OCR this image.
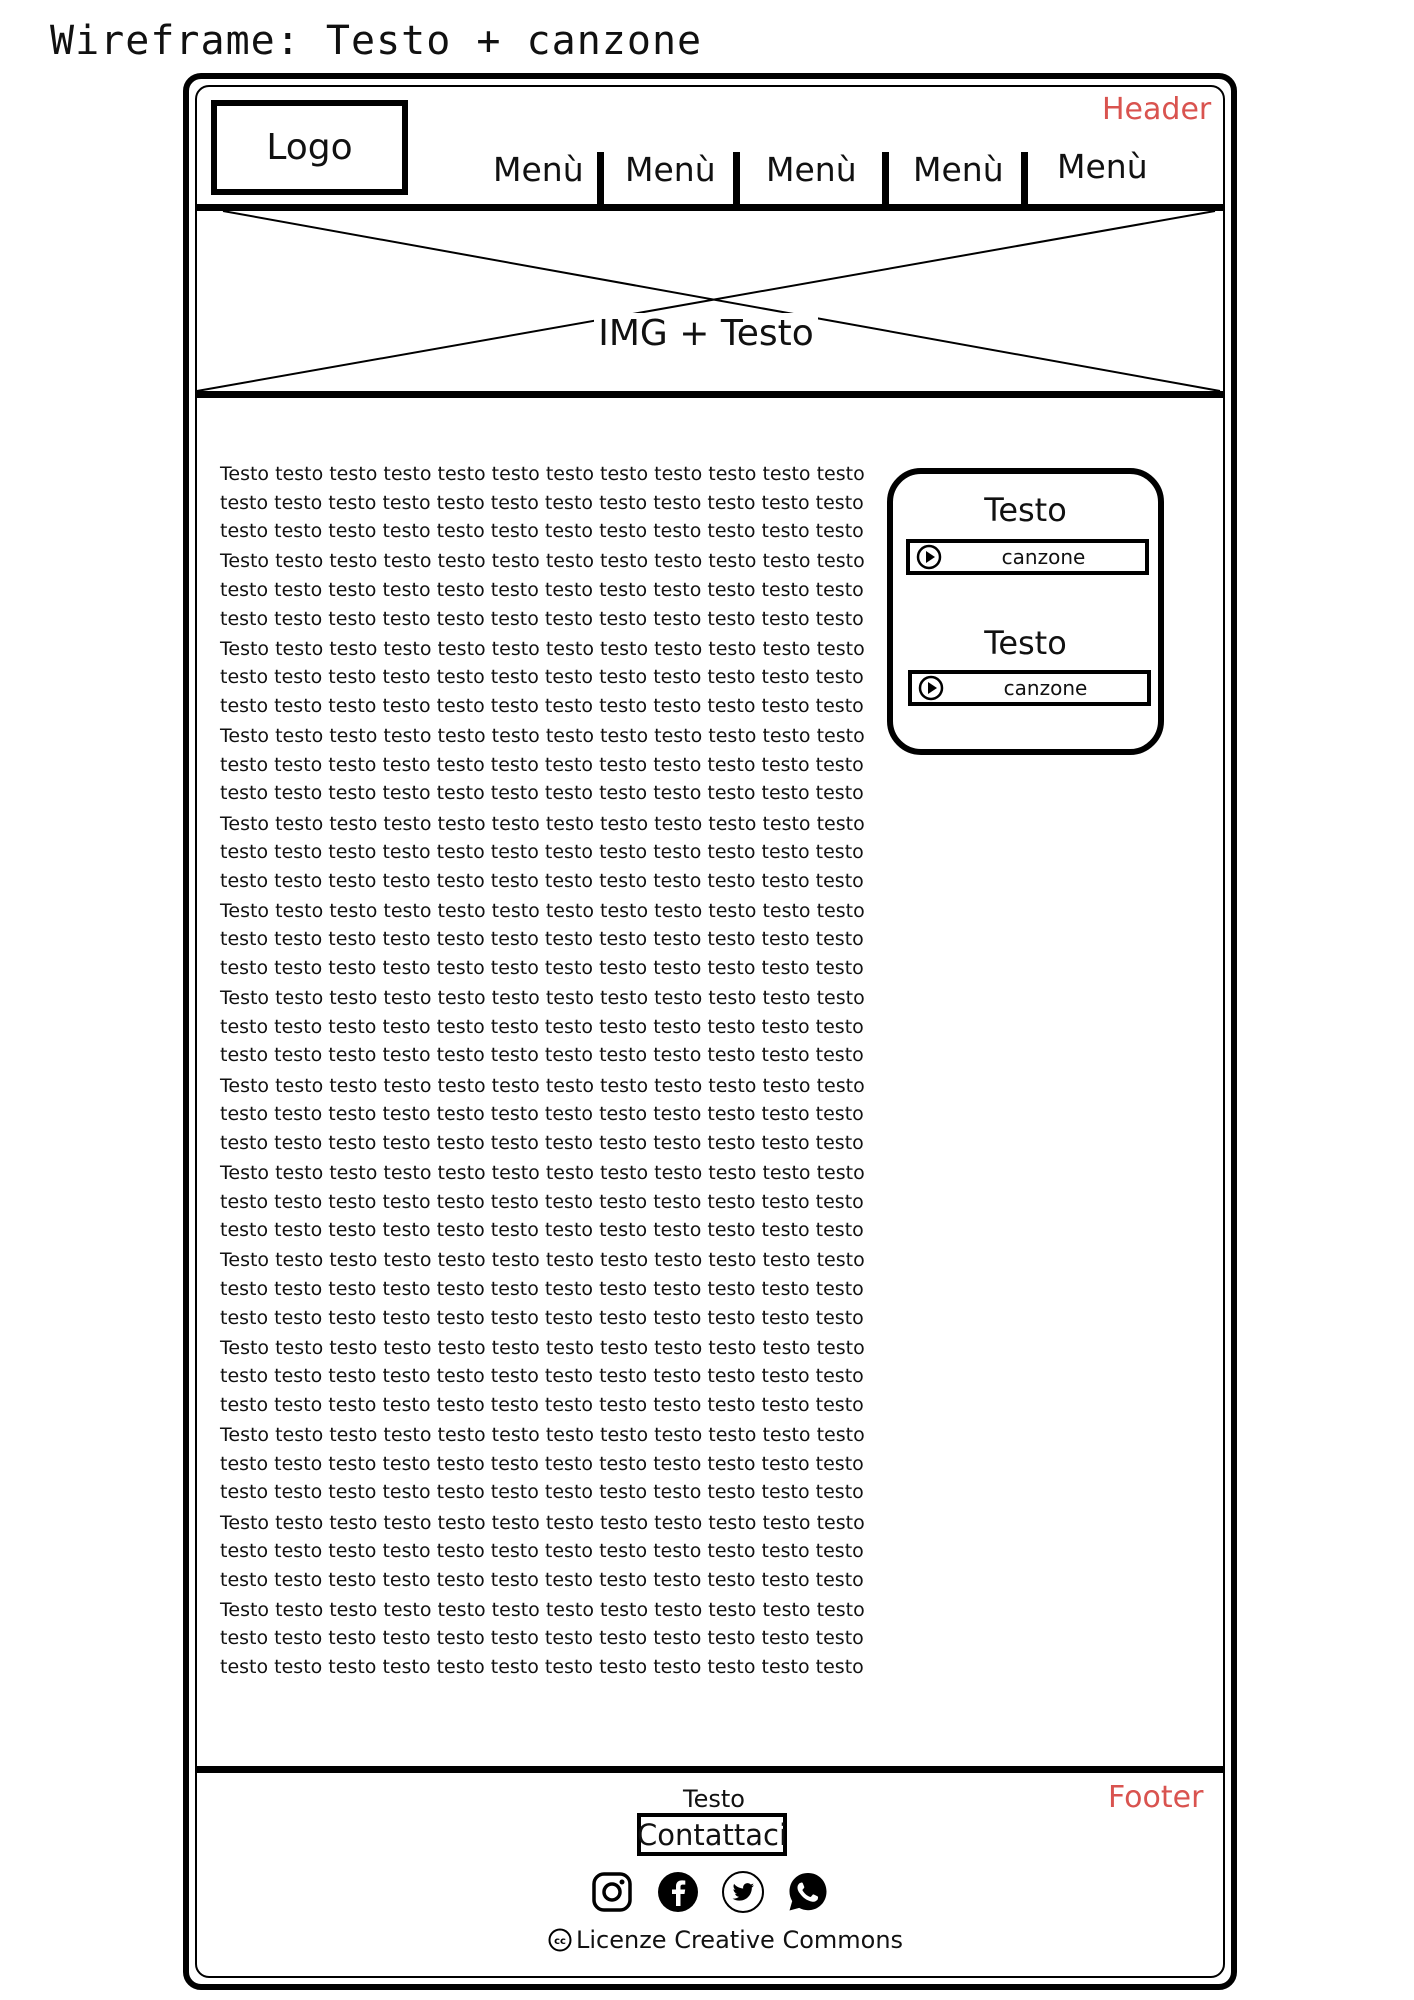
Wireframe: Testo + canzone
Logo
Menù Menù Menù Menù Menù
Header
IMG + Testo

Testo testo testo testo testo testo testo testo testo testo testo testo

testo testo testo testo testo testo testo testo testo testo testo testo

testo testo testo testo testo testo testo testo testo testo testo testo

Testo testo testo testo testo testo testo testo testo testo testo testo

testo testo testo testo testo testo testo testo testo testo testo testo

testo testo testo testo testo testo testo testo testo testo testo testo

Testo testo testo testo testo testo testo testo testo testo testo testo

testo testo testo testo testo testo testo testo testo testo testo testo

testo testo testo testo testo testo testo testo testo testo testo testo

Testo testo testo testo testo testo testo testo testo testo testo testo

testo testo testo testo testo testo testo testo testo testo testo testo

testo testo testo testo testo testo testo testo testo testo testo testo

Testo testo testo testo testo testo testo testo testo testo testo testo

testo testo testo testo testo testo testo testo testo testo testo testo

testo testo testo testo testo testo testo testo testo testo testo testo

Testo testo testo testo testo testo testo testo testo testo testo testo

testo testo testo testo testo testo testo testo testo testo testo testo

testo testo testo testo testo testo testo testo testo testo testo testo

Testo testo testo testo testo testo testo testo testo testo testo testo

testo testo testo testo testo testo testo testo testo testo testo testo

testo testo testo testo testo testo testo testo testo testo testo testo

Testo testo testo testo testo testo testo testo testo testo testo testo

testo testo testo testo testo testo testo testo testo testo testo testo

testo testo testo testo testo testo testo testo testo testo testo testo

Testo testo testo testo testo testo testo testo testo testo testo testo

testo testo testo testo testo testo testo testo testo testo testo testo

testo testo testo testo testo testo testo testo testo testo testo testo

Testo testo testo testo testo testo testo testo testo testo testo testo

testo testo testo testo testo testo testo testo testo testo testo testo

testo testo testo testo testo testo testo testo testo testo testo testo

Testo testo testo testo testo testo testo testo testo testo testo testo

testo testo testo testo testo testo testo testo testo testo testo testo

testo testo testo testo testo testo testo testo testo testo testo testo

Testo testo testo testo testo testo testo testo testo testo testo testo

testo testo testo testo testo testo testo testo testo testo testo testo

testo testo testo testo testo testo testo testo testo testo testo testo

Testo testo testo testo testo testo testo testo testo testo testo testo

testo testo testo testo testo testo testo testo testo testo testo testo

testo testo testo testo testo testo testo testo testo testo testo testo

Testo testo testo testo testo testo testo testo testo testo testo testo

testo testo testo testo testo testo testo testo testo testo testo testo

testo testo testo testo testo testo testo testo testo testo testo testo

Testo
canzone
Testo
canzone
Footer
Testo
Contattaci
cc Licenze Creative Commons
